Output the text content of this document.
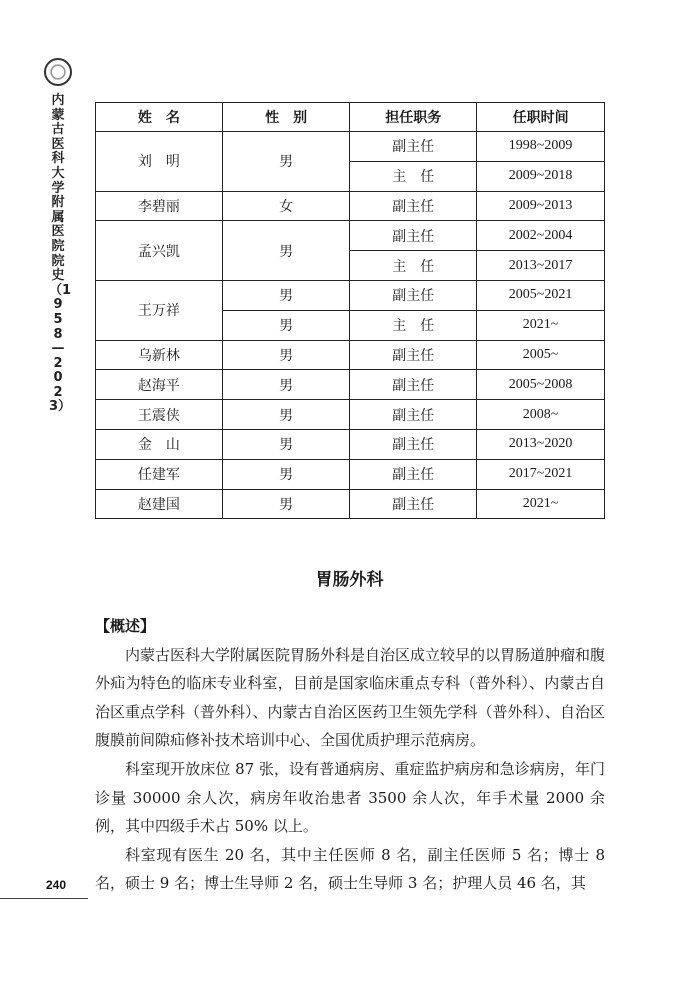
内蒙古医科大学附属医院院史（1958—2023）
240
姓　名	性　别	担任职务	任职时间
刘　明	男	副主任	1998~2009
		主　任	2009~2018
李碧丽	女	副主任	2009~2013
孟兴凯	男	副主任	2002~2004
		主　任	2013~2017
王万祥	男	副主任	2005~2021
	男	主　任	2021~
乌新林	男	副主任	2005~
赵海平	男	副主任	2005~2008
王震侠	男	副主任	2008~
金　山	男	副主任	2013~2020
任建军	男	副主任	2017~2021
赵建国	男	副主任	2021~
胃肠外科
【概述】

内蒙古医科大学附属医院胃肠外科是自治区成立较早的以胃肠道肿瘤和腹外疝为特色的临床专业科室，目前是国家临床重点专科（普外科）、内蒙古自治区重点学科（普外科）、内蒙古自治区医药卫生领先学科（普外科）、自治区腹膜前间隙疝修补技术培训中心、全国优质护理示范病房。

科室现开放床位 87 张，设有普通病房、重症监护病房和急诊病房，年门诊量 30000 余人次，病房年收治患者 3500 余人次，年手术量 2000 余例，其中四级手术占 50% 以上。

科室现有医生 20 名，其中主任医师 8 名，副主任医师 5 名；博士 8 名，硕士 9 名；博士生导师 2 名，硕士生导师 3 名；护理人员 46 名，其
